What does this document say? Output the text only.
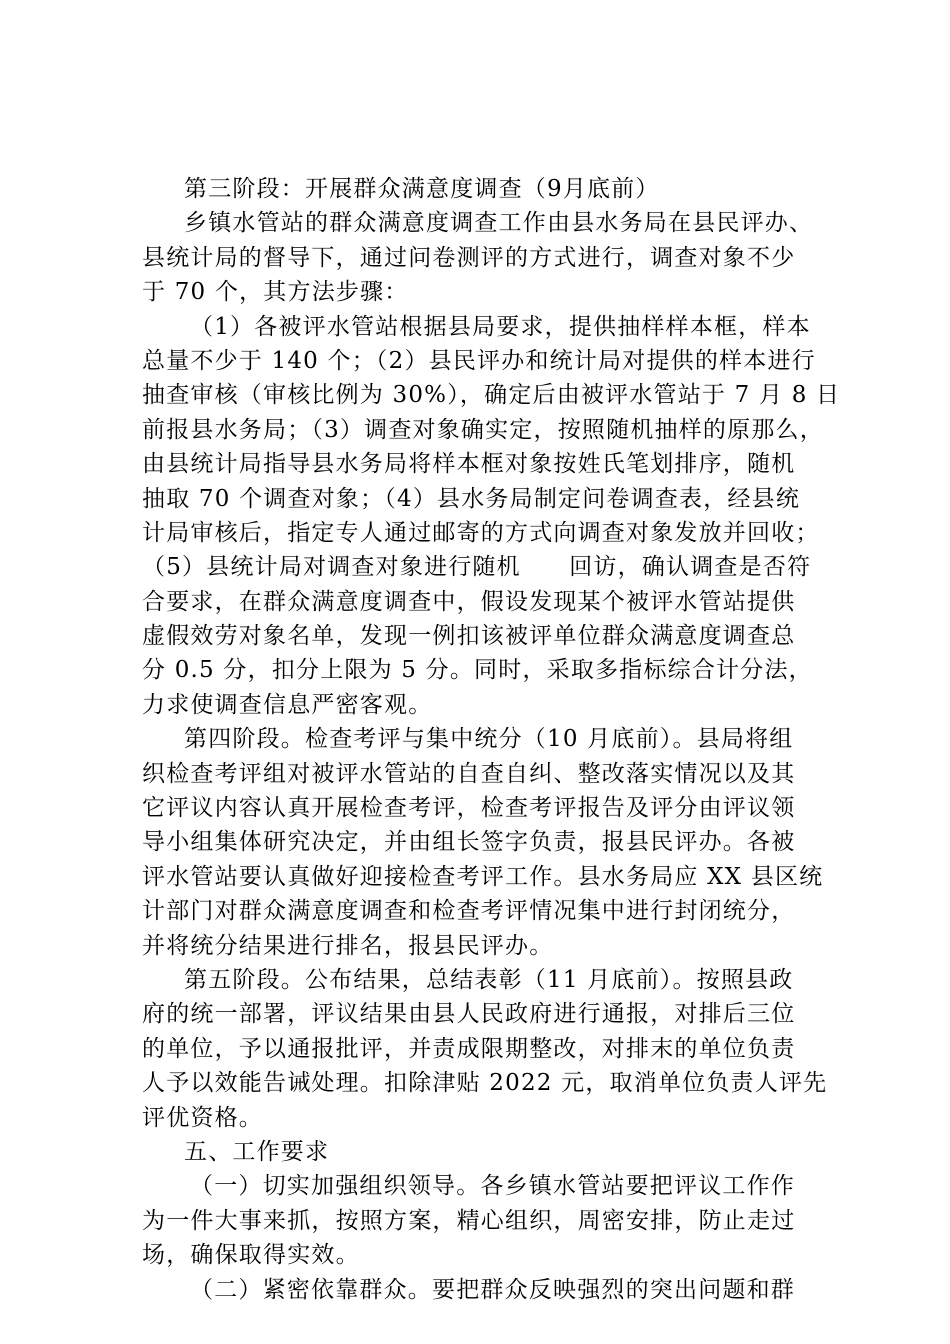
第三阶段：开展群众满意度调查（9月底前）
乡镇水管站的群众满意度调查工作由县水务局在县民评办、
县统计局的督导下，通过问卷测评的方式进行，调查对象不少
于 70 个，其方法步骤：
（1）各被评水管站根据县局要求，提供抽样样本框，样本
总量不少于 140 个；（2）县民评办和统计局对提供的样本进行
抽查审核（审核比例为 30%），确定后由被评水管站于 7 月 8 日
前报县水务局；（3）调查对象确实定，按照随机抽样的原那么，
由县统计局指导县水务局将样本框对象按姓氏笔划排序，随机
抽取 70 个调查对象；（4）县水务局制定问卷调查表，经县统
计局审核后，指定专人通过邮寄的方式向调查对象发放并回收；
（5）县统计局对调查对象进行随机　　回访，确认调查是否符
合要求，在群众满意度调查中，假设发现某个被评水管站提供
虚假效劳对象名单，发现一例扣该被评单位群众满意度调查总
分 0.5 分，扣分上限为 5 分。同时，采取多指标综合计分法，
力求使调查信息严密客观。
第四阶段。检查考评与集中统分（10 月底前）。县局将组
织检查考评组对被评水管站的自查自纠、整改落实情况以及其
它评议内容认真开展检查考评，检查考评报告及评分由评议领
导小组集体研究决定，并由组长签字负责，报县民评办。各被
评水管站要认真做好迎接检查考评工作。县水务局应 XX 县区统
计部门对群众满意度调查和检查考评情况集中进行封闭统分，
并将统分结果进行排名，报县民评办。
第五阶段。公布结果，总结表彰（11 月底前）。按照县政
府的统一部署，评议结果由县人民政府进行通报，对排后三位
的单位，予以通报批评，并责成限期整改，对排末的单位负责
人予以效能告诫处理。扣除津贴 2022 元，取消单位负责人评先
评优资格。
五、工作要求
（一）切实加强组织领导。各乡镇水管站要把评议工作作
为一件大事来抓，按照方案，精心组织，周密安排，防止走过
场，确保取得实效。
（二）紧密依靠群众。要把群众反映强烈的突出问题和群
